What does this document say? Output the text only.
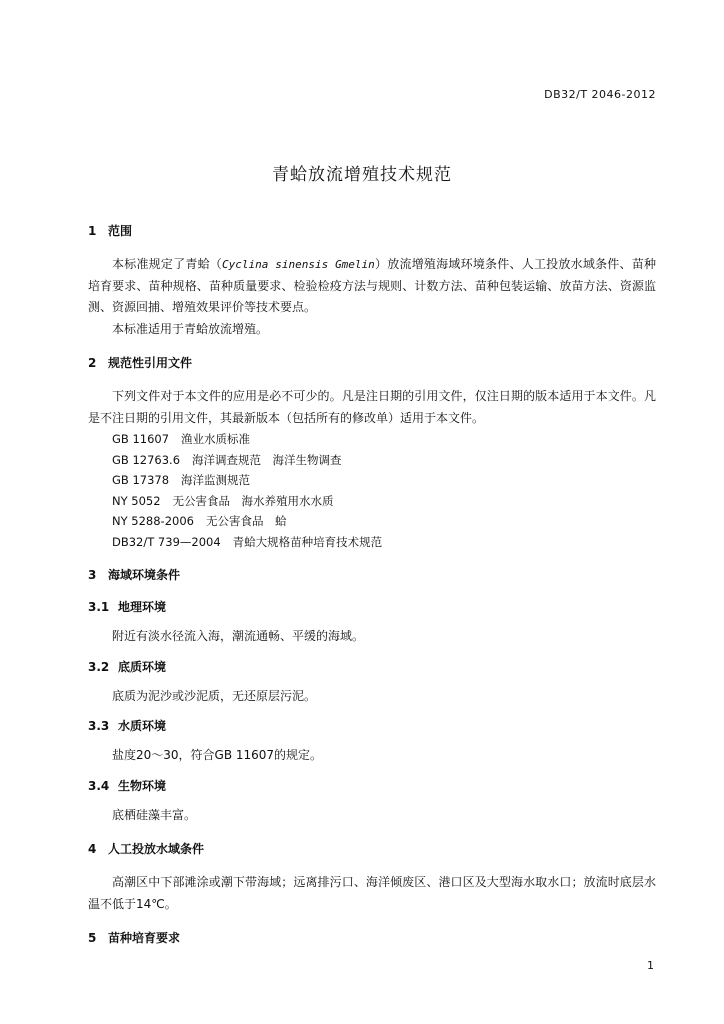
DB32/T 2046-2012
青蛤放流增殖技术规范
1 范围
本标准规定了青蛤（Cyclina sinensis Gmelin）放流增殖海域环境条件、人工投放水域条件、苗种培育要求、苗种规格、苗种质量要求、检验检疫方法与规则、计数方法、苗种包装运输、放苗方法、资源监测、资源回捕、增殖效果评价等技术要点。
本标准适用于青蛤放流增殖。
2 规范性引用文件
下列文件对于本文件的应用是必不可少的。凡是注日期的引用文件，仅注日期的版本适用于本文件。凡是不注日期的引用文件，其最新版本（包括所有的修改单）适用于本文件。
GB 11607 渔业水质标准
GB 12763.6 海洋调查规范　海洋生物调查
GB 17378 海洋监测规范
NY 5052 无公害食品　海水养殖用水水质
NY 5288-2006 无公害食品　蛤
DB32/T 739—2004 青蛤大规格苗种培育技术规范
3 海域环境条件
3.1 地理环境
附近有淡水径流入海，潮流通畅、平缓的海域。
3.2 底质环境
底质为泥沙或沙泥质，无还原层污泥。
3.3 水质环境
盐度20～30，符合GB 11607的规定。
3.4 生物环境
底栖硅藻丰富。
4 人工投放水域条件
高潮区中下部滩涂或潮下带海域；远离排污口、海洋倾废区、港口区及大型海水取水口；放流时底层水温不低于14℃。
5 苗种培育要求
1
